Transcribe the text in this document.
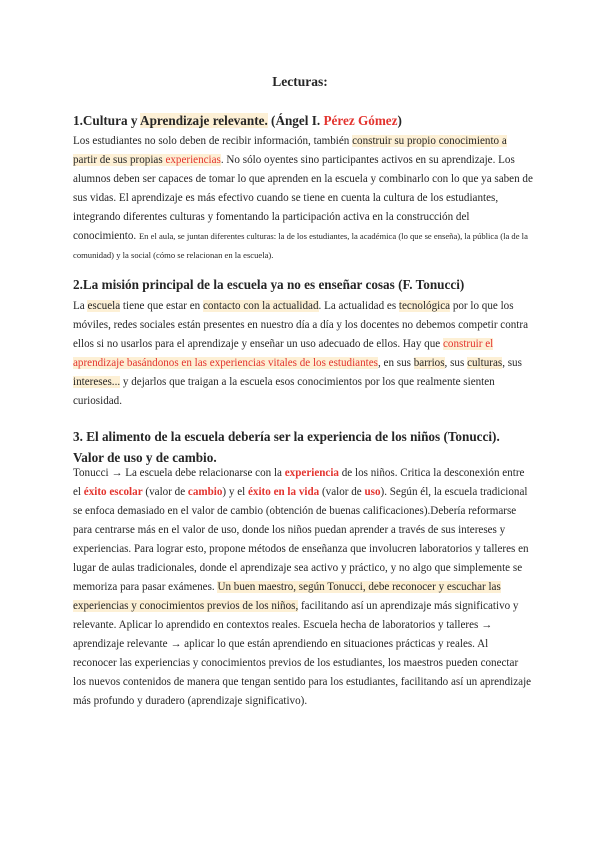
Lecturas:
1.Cultura y Aprendizaje relevante. (Ángel I. Pérez Gómez)
Los estudiantes no solo deben de recibir información, también construir su propio conocimiento a partir de sus propias experiencias. No sólo oyentes sino participantes activos en su aprendizaje. Los alumnos deben ser capaces de tomar lo que aprenden en la escuela y combinarlo con lo que ya saben de sus vidas. El aprendizaje es más efectivo cuando se tiene en cuenta la cultura de los estudiantes, integrando diferentes culturas y fomentando la participación activa en la construcción del conocimiento. En el aula, se juntan diferentes culturas: la de los estudiantes, la académica (lo que se enseña), la pública (la de la comunidad) y la social (cómo se relacionan en la escuela).
2.La misión principal de la escuela ya no es enseñar cosas (F. Tonucci)
La escuela tiene que estar en contacto con la actualidad. La actualidad es tecnológica por lo que los móviles, redes sociales están presentes en nuestro día a día y los docentes no debemos competir contra ellos si no usarlos para el aprendizaje y enseñar un uso adecuado de ellos. Hay que construir el aprendizaje basándonos en las experiencias vitales de los estudiantes, en sus barrios, sus culturas, sus intereses... y dejarlos que traigan a la escuela esos conocimientos por los que realmente sienten curiosidad.
3. El alimento de la escuela debería ser la experiencia de los niños (Tonucci). Valor de uso y de cambio.
Tonucci → La escuela debe relacionarse con la experiencia de los niños. Critica la desconexión entre el éxito escolar (valor de cambio) y el éxito en la vida (valor de uso). Según él, la escuela tradicional se enfoca demasiado en el valor de cambio (obtención de buenas calificaciones).Debería reformarse para centrarse más en el valor de uso, donde los niños puedan aprender a través de sus intereses y experiencias. Para lograr esto, propone métodos de enseñanza que involucren laboratorios y talleres en lugar de aulas tradicionales, donde el aprendizaje sea activo y práctico, y no algo que simplemente se memoriza para pasar exámenes. Un buen maestro, según Tonucci, debe reconocer y escuchar las experiencias y conocimientos previos de los niños, facilitando así un aprendizaje más significativo y relevante. Aplicar lo aprendido en contextos reales. Escuela hecha de laboratorios y talleres → aprendizaje relevante → aplicar lo que están aprendiendo en situaciones prácticas y reales. Al reconocer las experiencias y conocimientos previos de los estudiantes, los maestros pueden conectar los nuevos contenidos de manera que tengan sentido para los estudiantes, facilitando así un aprendizaje más profundo y duradero (aprendizaje significativo).
